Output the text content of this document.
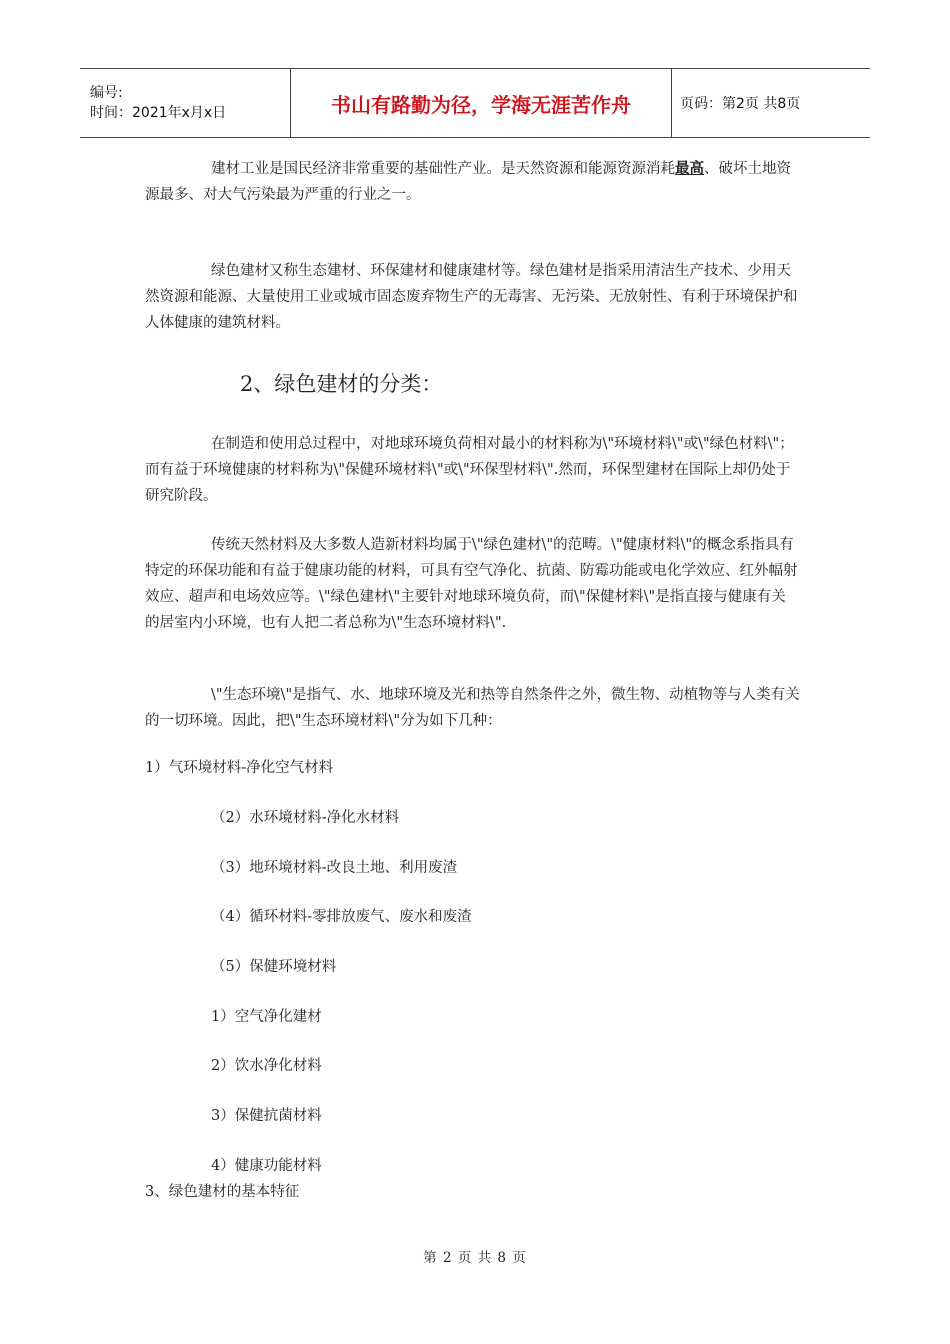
编号:
时间：2021年x月x日	书山有路勤为径，学海无涯苦作舟	页码：第2页 共8页

建材工业是国民经济非常重要的基础性产业。是天然资源和能源资源消耗最高、破坏土地资源最多、对大气污染最为严重的行业之一。

绿色建材又称生态建材、环保建材和健康建材等。绿色建材是指采用清洁生产技术、少用天然资源和能源、大量使用工业或城市固态废弃物生产的无毒害、无污染、无放射性、有利于环境保护和人体健康的建筑材料。

2、绿色建材的分类：

在制造和使用总过程中，对地球环境负荷相对最小的材料称为\"环境材料\"或\"绿色材料\"；而有益于环境健康的材料称为\"保健环境材料\"或\"环保型材料\".然而，环保型建材在国际上却仍处于研究阶段。

传统天然材料及大多数人造新材料均属于\"绿色建材\"的范畴。\"健康材料\"的概念系指具有特定的环保功能和有益于健康功能的材料，可具有空气净化、抗菌、防霉功能或电化学效应、红外幅射效应、超声和电场效应等。\"绿色建材\"主要针对地球环境负荷，而\"保健材料\"是指直接与健康有关的居室内小环境，也有人把二者总称为\"生态环境材料\".

\"生态环境\"是指气、水、地球环境及光和热等自然条件之外，微生物、动植物等与人类有关的一切环境。因此，把\"生态环境材料\"分为如下几种：

1）气环境材料-净化空气材料
（2）水环境材料-净化水材料
（3）地环境材料-改良土地、利用废渣
（4）循环材料-零排放废气、废水和废渣
（5）保健环境材料
1）空气净化建材
2）饮水净化材料
3）保健抗菌材料
4）健康功能材料
3、绿色建材的基本特征
第 2 页 共 8 页
